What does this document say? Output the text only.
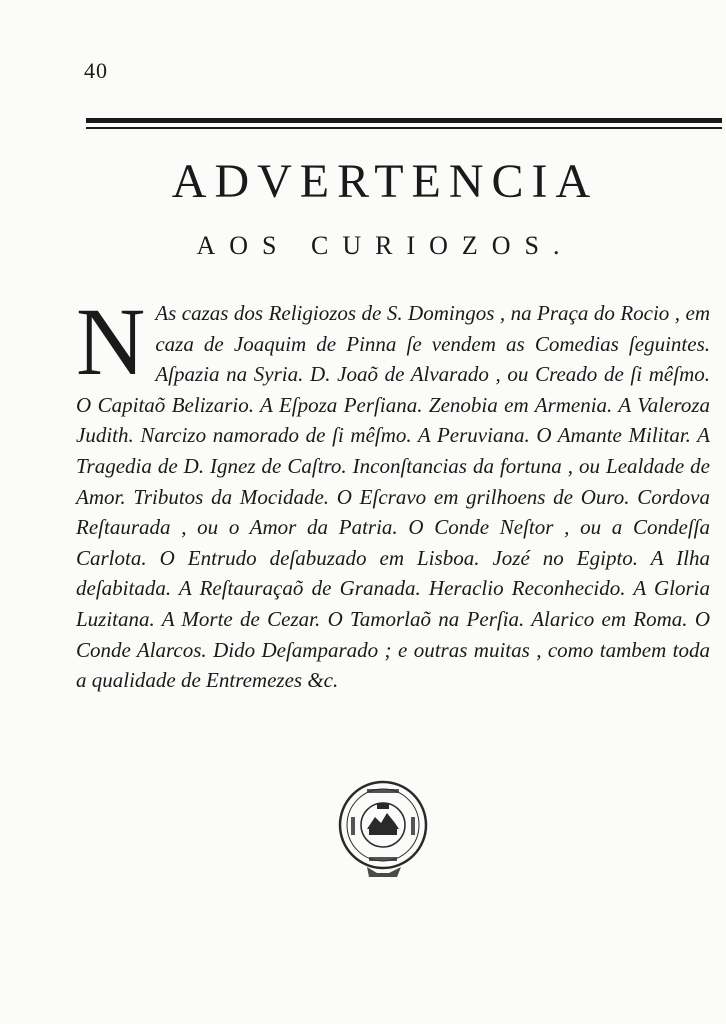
40
ADVERTENCIA
AOS CURIOZOS.
N As cazas dos Religiozos de S. Domingos , na Praça do Rocio , em caza de Joaquim de Pinna ſe vendem as Comedias ſeguintes. Aſpazia na Syria. D. Joaõ de Alvarado , ou Creado de ſi mêſmo. O Capitaõ Belizario. A Eſpoza Perſiana. Zenobia em Armenia. A Valeroza Judith. Narcizo namorado de ſi mêſmo. A Peruviana. O Amante Militar. A Tragedia de D. Ignez de Caſtro. Inconſtancias da fortuna , ou Lealdade de Amor. Tributos da Mocidade. O Eſcravo em grilhoens de Ouro. Cordova Reſtaurada , ou o Amor da Patria. O Conde Neſtor , ou a Condeſſa Carlota. O Entrudo deſabuzado em Lisboa. Jozé no Egipto. A Ilha deſabitada. A Reſtauraçaõ de Granada. Heraclio Reconhecido. A Gloria Luzitana. A Morte de Cezar. O Tamorlaõ na Perſia. Alarico em Roma. O Conde Alarcos. Dido Deſamparado ; e outras muitas , como tambem toda a qualidade de Entremezes &c.
